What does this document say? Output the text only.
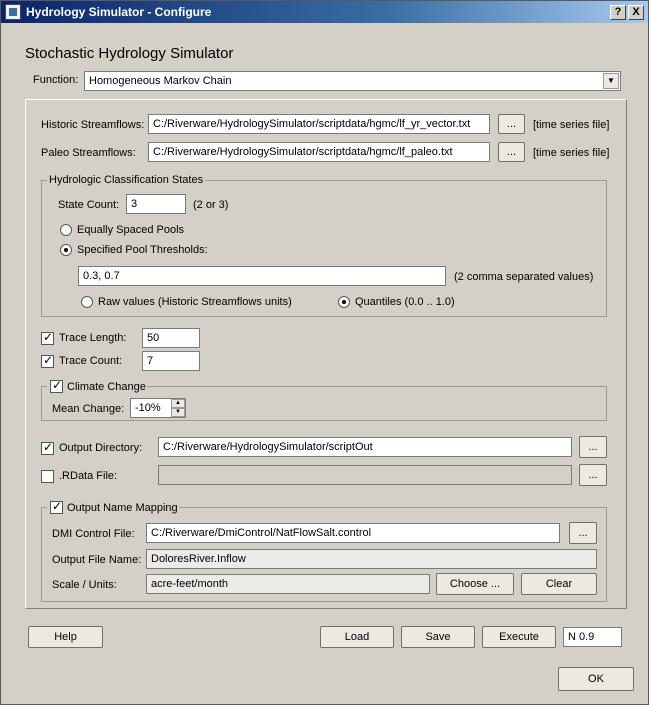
Hydrology Simulator - Configure	? X
Stochastic Hydrology Simulator
Function: Homogeneous Markov Chain	▼
Historic Streamflows: C:/Riverware/HydrologySimulator/scriptdata/hgmc/lf_yr_vector.txt	...	[time series file]
Paleo Streamflows:	C:/Riverware/HydrologySimulator/scriptdata/hgmc/lf_paleo.txt	...	[time series file]
Hydrologic Classification States
State Count:	3	(2 or 3)
Equally Spaced Pools
Specified Pool Thresholds:
0.3, 0.7	(2 comma separated values)
Raw values (Historic Streamflows units)	Quantiles (0.0 .. 1.0)
✓
Trace Length:	50
✓
Trace Count:	7
✓
Climate Change
Mean Change: -10%	▲
▼
✓
Output Directory:	C:/Riverware/HydrologySimulator/scriptOut	...
.RData File:	...
✓
Output Name Mapping
DMI Control File:	C:/Riverware/DmiControl/NatFlowSalt.control	...
Output File Name: DoloresRiver.Inflow
Scale / Units:	acre-feet/month	Choose ...	Clear
Help	Load	Save	Execute	N 0.9
OK
